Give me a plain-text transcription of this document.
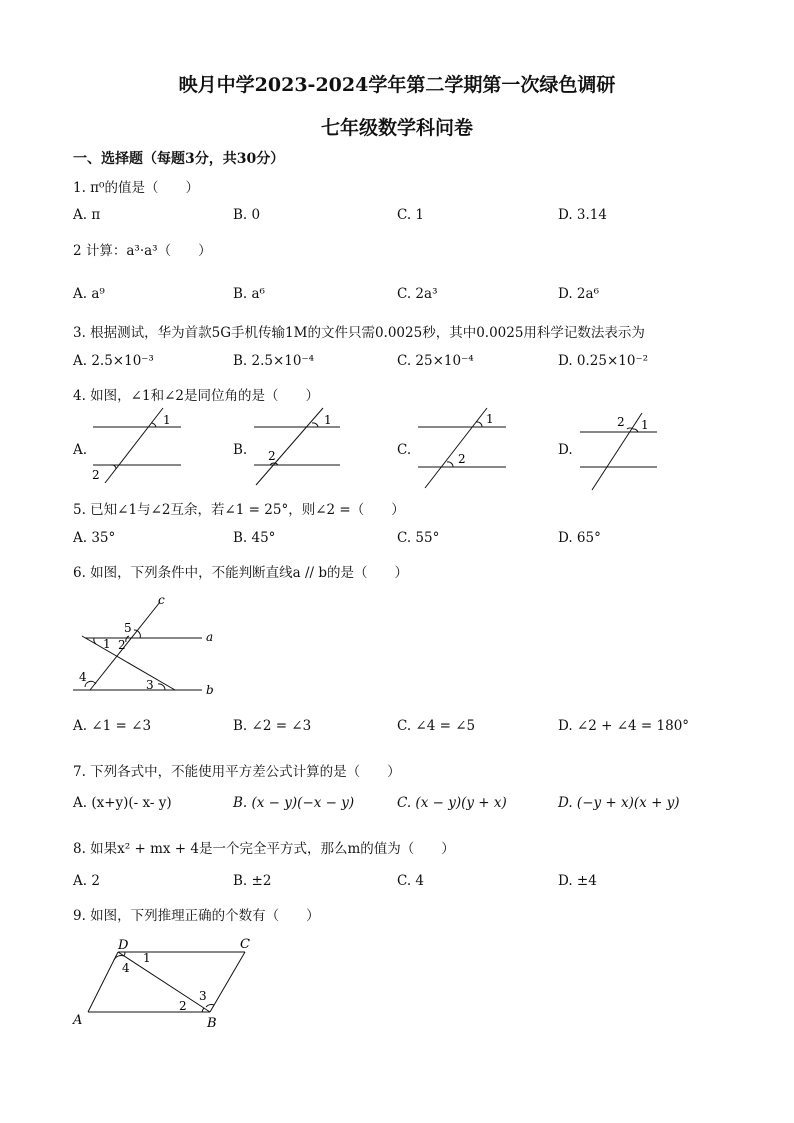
映月中学2023-2024学年第二学期第一次绿色调研
七年级数学科问卷
一、选择题（每题3分，共30分）
1. π⁰的值是（　　）
A. π	B. 0	C. 1	D. 3.14
2 计算：a³·a³（　　）
A. a⁹	B. a⁶	C. 2a³	D. 2a⁶
3. 根据测试，华为首款5G手机传输1M的文件只需0.0025秒，其中0.0025用科学记数法表示为
A. 2.5×10⁻³	B. 2.5×10⁻⁴	C. 25×10⁻⁴	D. 0.25×10⁻²
4. 如图，∠1和∠2是同位角的是（　　）
A.	B.	C.	D.
1
2
1
2
1
2
2 1
5. 已知∠1与∠2互余，若∠1 = 25°，则∠2 =（　　）
A. 35°	B. 45°	C. 55°	D. 65°
6. 如图，下列条件中，不能判断直线a // b的是（　　）
c
a
b
5
1 2
4
3
A. ∠1 = ∠3	B. ∠2 = ∠3	C. ∠4 = ∠5	D. ∠2 + ∠4 = 180°
7. 下列各式中，不能使用平方差公式计算的是（　　）
A. (x+y)(- x- y)	B. (x − y)(−x − y)	C. (x − y)(y + x)	D. (−y + x)(x + y)
8. 如果x² + mx + 4是一个完全平方式，那么m的值为（　　）
A. 2	B. ±2	C. 4	D. ±4
9. 如图，下列推理正确的个数有（　　）
D	C
A	B
1
4
2
3
